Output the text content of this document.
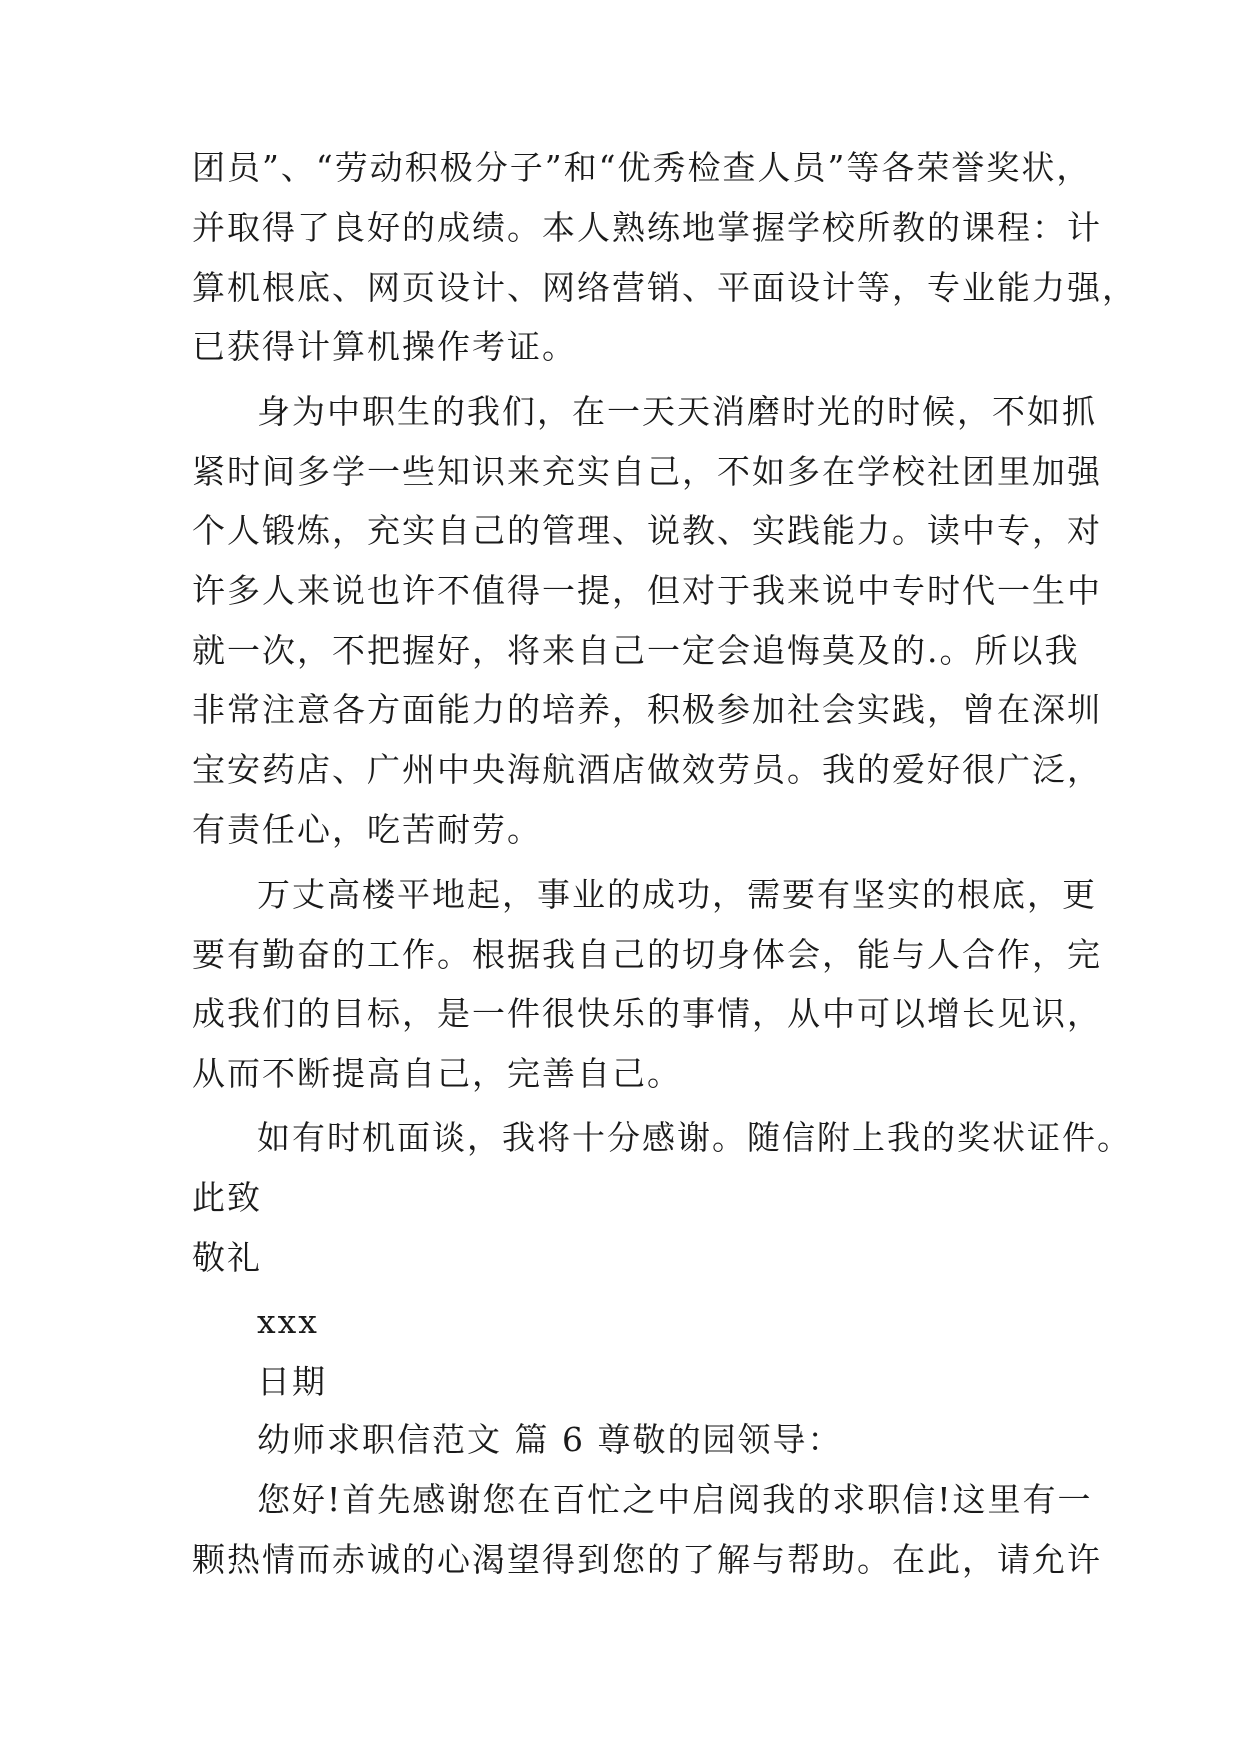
团员”、“劳动积极分子”和“优秀检查人员”等各荣誉奖状，
并取得了良好的成绩。本人熟练地掌握学校所教的课程：计
算机根底、网页设计、网络营销、平面设计等，专业能力强，
已获得计算机操作考证。
身为中职生的我们，在一天天消磨时光的时候，不如抓
紧时间多学一些知识来充实自己，不如多在学校社团里加强
个人锻炼，充实自己的管理、说教、实践能力。读中专，对
许多人来说也许不值得一提，但对于我来说中专时代一生中
就一次，不把握好，将来自己一定会追悔莫及的.。所以我
非常注意各方面能力的培养，积极参加社会实践，曾在深圳
宝安药店、广州中央海航酒店做效劳员。我的爱好很广泛，
有责任心，吃苦耐劳。
万丈高楼平地起，事业的成功，需要有坚实的根底，更
要有勤奋的工作。根据我自己的切身体会，能与人合作，完
成我们的目标，是一件很快乐的事情，从中可以增长见识，
从而不断提高自己，完善自己。
如有时机面谈，我将十分感谢。随信附上我的奖状证件。
此致
敬礼
xxx
日期
幼师求职信范文 篇 6 尊敬的园领导：
您好!首先感谢您在百忙之中启阅我的求职信!这里有一
颗热情而赤诚的心渴望得到您的了解与帮助。在此，请允许
